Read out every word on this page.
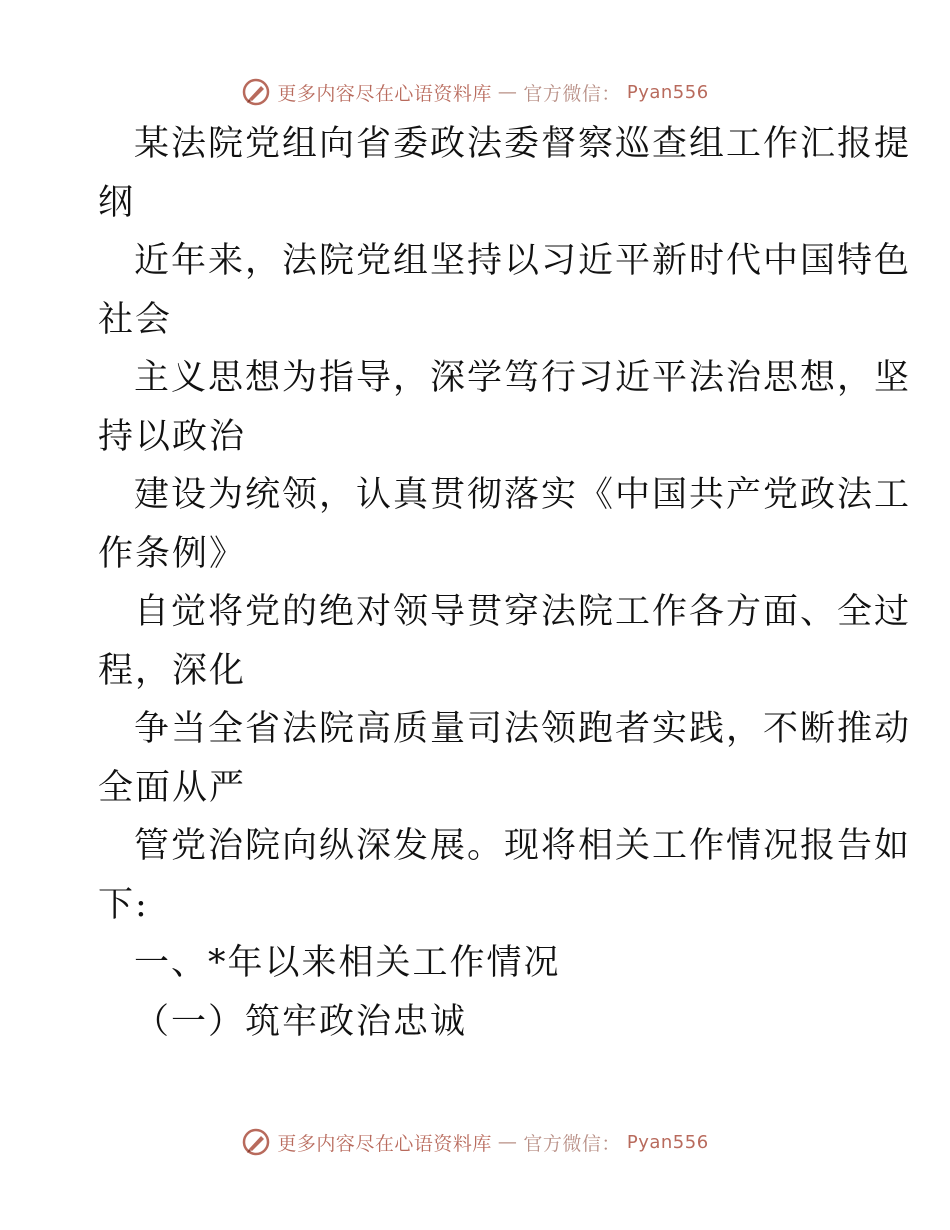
更多内容尽在心语资料库 — 官方微信： Pyan556
某法院党组向省委政法委督察巡查组工作汇报提
纲
近年来，法院党组坚持以习近平新时代中国特色
社会
主义思想为指导，深学笃行习近平法治思想，坚
持以政治
建设为统领，认真贯彻落实《中国共产党政法工
作条例》
自觉将党的绝对领导贯穿法院工作各方面、全过
程，深化
争当全省法院高质量司法领跑者实践，不断推动
全面从严
管党治院向纵深发展。现将相关工作情况报告如
下:
一、*年以来相关工作情况
（一）筑牢政治忠诚
更多内容尽在心语资料库 — 官方微信： Pyan556
